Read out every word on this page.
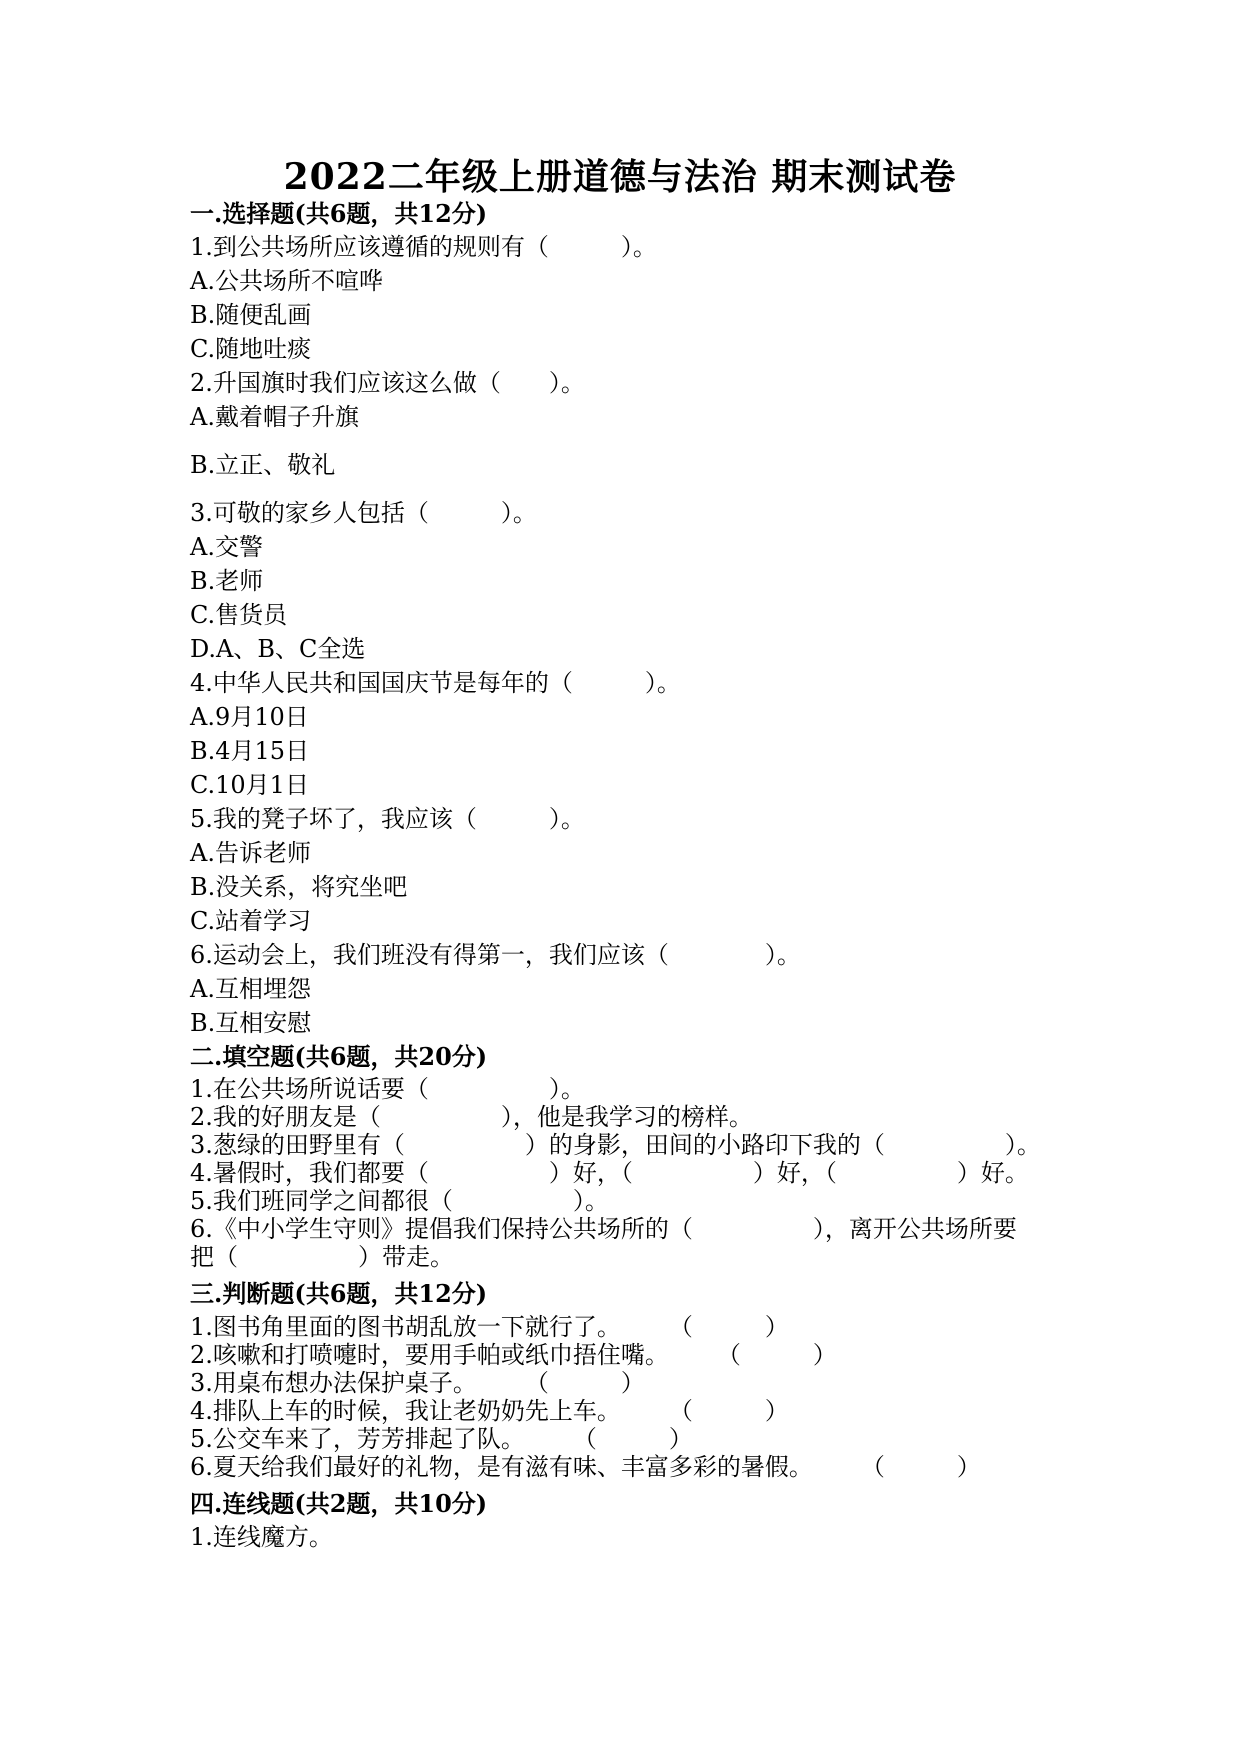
2022二年级上册道德与法治 期末测试卷
一.选择题(共6题，共12分)
1.到公共场所应该遵循的规则有（　　　）。
A.公共场所不喧哗
B.随便乱画
C.随地吐痰
2.升国旗时我们应该这么做（　　）。
A.戴着帽子升旗
B.立正、敬礼
3.可敬的家乡人包括（　　　）。
A.交警
B.老师
C.售货员
D.A、B、C全选
4.中华人民共和国国庆节是每年的（　　　）。
A.9月10日
B.4月15日
C.10月1日
5.我的凳子坏了，我应该（　　　）。
A.告诉老师
B.没关系，将究坐吧
C.站着学习
6.运动会上，我们班没有得第一，我们应该（　　　　）。
A.互相埋怨
B.互相安慰
二.填空题(共6题，共20分)
1.在公共场所说话要（　　　　　）。
2.我的好朋友是（　　　　　），他是我学习的榜样。
3.葱绿的田野里有（　　　　　）的身影，田间的小路印下我的（　　　　　）。
4.暑假时，我们都要（　　　　　）好，（　　　　　）好，（　　　　　）好。
5.我们班同学之间都很（　　　　　）。
6.《中小学生守则》提倡我们保持公共场所的（　　　　　），离开公共场所要
把（　　　　　）带走。
三.判断题(共6题，共12分)
1.图书角里面的图书胡乱放一下就行了。　　　（　　　）
2.咳嗽和打喷嚏时，要用手帕或纸巾捂住嘴。　　　（　　　）
3.用桌布想办法保护桌子。　　　（　　　）
4.排队上车的时候，我让老奶奶先上车。　　　（　　　）
5.公交车来了，芳芳排起了队。　　　（　　　）
6.夏天给我们最好的礼物，是有滋有味、丰富多彩的暑假。　　　（　　　）
四.连线题(共2题，共10分)
1.连线魔方。
